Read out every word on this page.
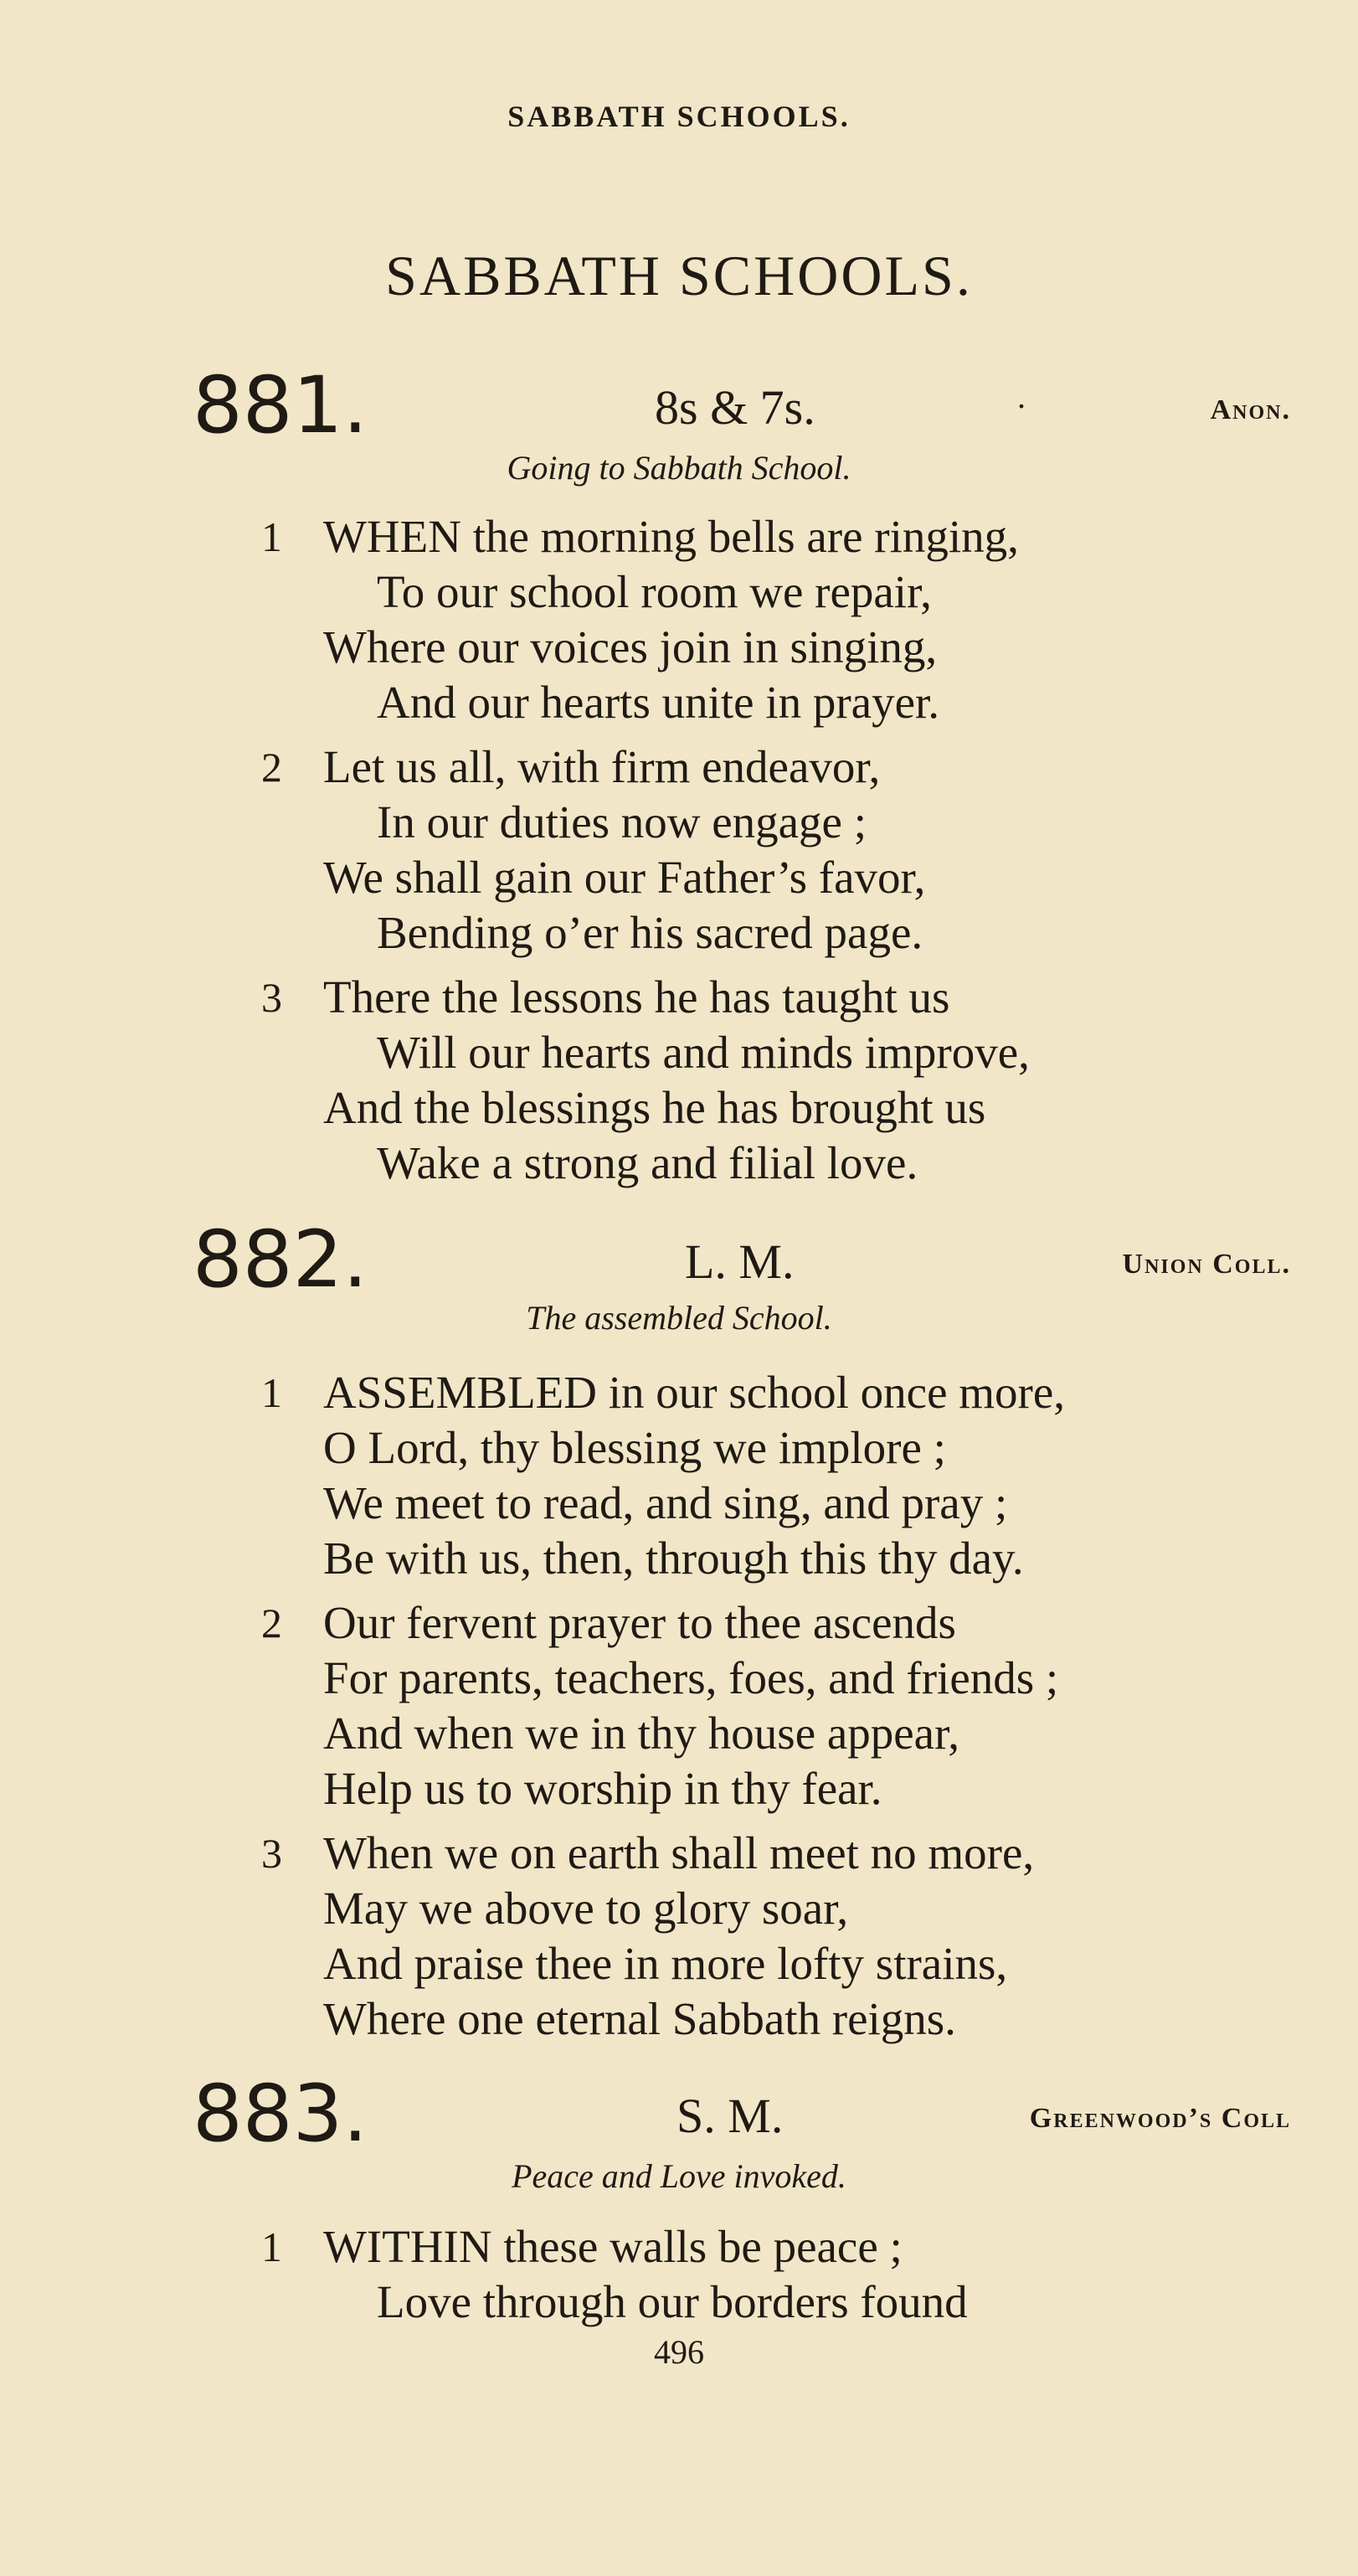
SABBATH SCHOOLS.
SABBATH SCHOOLS.
881.	8s & 7s.	.	Anon.
Going to Sabbath School.
1 WHEN the morning bells are ringing,
To our school room we repair,
Where our voices join in singing,
And our hearts unite in prayer.
2 Let us all, with firm endeavor,
In our duties now engage ;
We shall gain our Father’s favor,
Bending o’er his sacred page.
3 There the lessons he has taught us
Will our hearts and minds improve,
And the blessings he has brought us
Wake a strong and filial love.
882.	L. M.	Union Coll.
The assembled School.
1 ASSEMBLED in our school once more,
O Lord, thy blessing we implore ;
We meet to read, and sing, and pray ;
Be with us, then, through this thy day.
2 Our fervent prayer to thee ascends
For parents, teachers, foes, and friends ;
And when we in thy house appear,
Help us to worship in thy fear.
3 When we on earth shall meet no more,
May we above to glory soar,
And praise thee in more lofty strains,
Where one eternal Sabbath reigns.
883.	S. M.	Greenwood’s Coll
Peace and Love invoked.
1 WITHIN these walls be peace ;
Love through our borders found
496
